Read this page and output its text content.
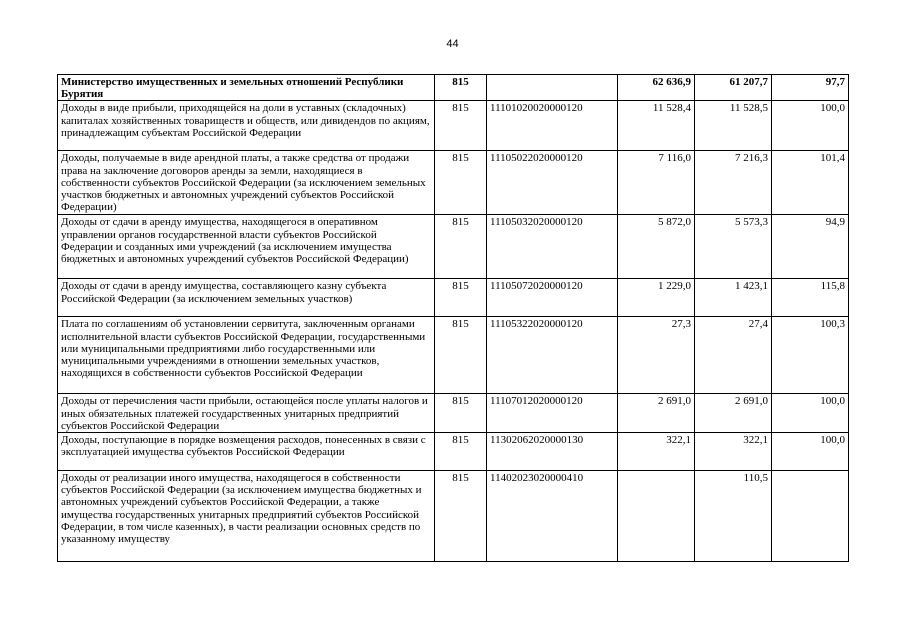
44
Министерство имущественных и земельных отношений Республики Бурятия	815		62 636,9	61 207,7	97,7
Доходы в виде прибыли, приходящейся на доли в уставных (складочных) капиталах хозяйственных товариществ и обществ, или дивидендов по акциям, принадлежащим субъектам Российской Федерации	815	11101020020000120	11 528,4	11 528,5	100,0
Доходы, получаемые в виде арендной платы, а также средства от продажи права на заключение договоров аренды за земли, находящиеся в собственности субъектов Российской Федерации (за исключением земельных участков бюджетных и автономных учреждений субъектов Российской Федерации)	815	11105022020000120	7 116,0	7 216,3	101,4
Доходы от сдачи в аренду имущества, находящегося в оперативном управлении органов государственной власти субъектов Российской Федерации и созданных ими учреждений (за исключением имущества бюджетных и автономных учреждений субъектов Российской Федерации)	815	11105032020000120	5 872,0	5 573,3	94,9
Доходы от сдачи в аренду имущества, составляющего казну субъекта Российской Федерации (за исключением земельных участков)	815	11105072020000120	1 229,0	1 423,1	115,8
Плата по соглашениям об установлении сервитута, заключенным органами исполнительной власти субъектов Российской Федерации, государственными или муниципальными предприятиями либо государственными или муниципальными учреждениями в отношении земельных участков, находящихся в собственности субъектов Российской Федерации	815	11105322020000120	27,3	27,4	100,3
Доходы от перечисления части прибыли, остающейся после уплаты налогов и иных обязательных платежей государственных унитарных предприятий субъектов Российской Федерации	815	11107012020000120	2 691,0	2 691,0	100,0
Доходы, поступающие в порядке возмещения расходов, понесенных в связи с эксплуатацией имущества субъектов Российской Федерации	815	11302062020000130	322,1	322,1	100,0
Доходы от реализации иного имущества, находящегося в собственности субъектов Российской Федерации (за исключением имущества бюджетных и автономных учреждений субъектов Российской Федерации, а также имущества государственных унитарных предприятий субъектов Российской Федерации, в том числе казенных), в части реализации основных средств по указанному имуществу	815	11402023020000410		110,5	
